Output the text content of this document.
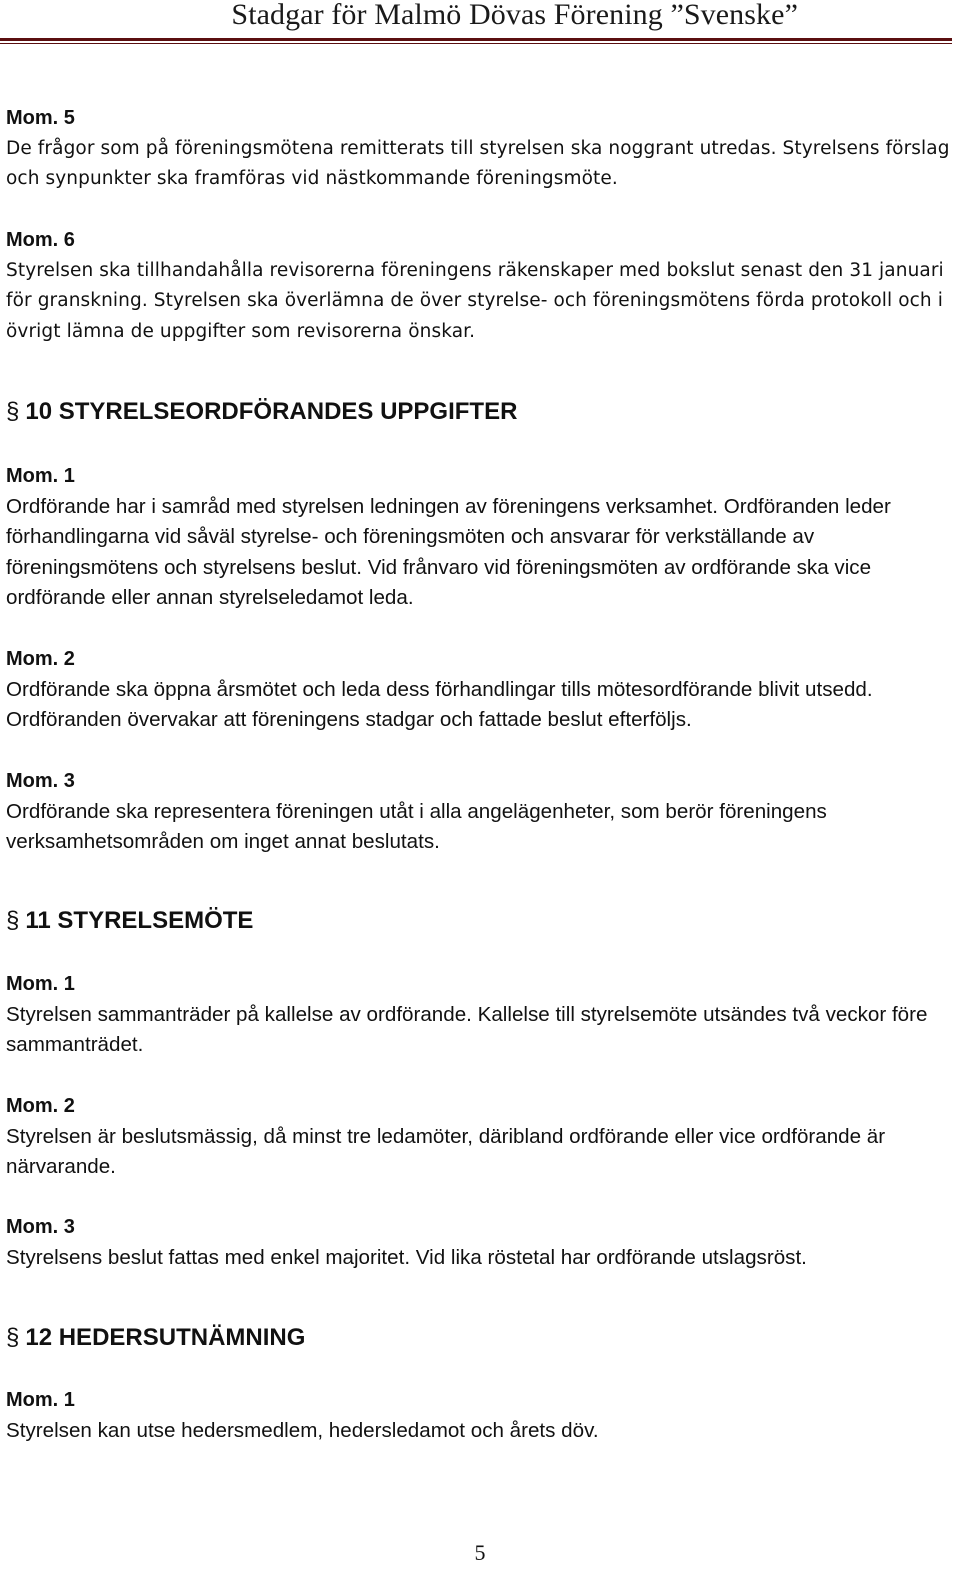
Stadgar för Malmö Dövas Förening ”Svenske”
Mom. 5
De frågor som på föreningsmötena remitterats till styrelsen ska noggrant utredas. Styrelsens förslag och synpunkter ska framföras vid nästkommande föreningsmöte.
Mom. 6
Styrelsen ska tillhandahålla revisorerna föreningens räkenskaper med bokslut senast den 31 januari för granskning. Styrelsen ska överlämna de över styrelse- och föreningsmötens förda protokoll och i övrigt lämna de uppgifter som revisorerna önskar.
§ 10 STYRELSEORDFÖRANDES UPPGIFTER
Mom. 1
Ordförande har i samråd med styrelsen ledningen av föreningens verksamhet. Ordföranden leder förhandlingarna vid såväl styrelse- och föreningsmöten och ansvarar för verkställande av föreningsmötens och styrelsens beslut. Vid frånvaro vid föreningsmöten av ordförande ska vice ordförande eller annan styrelseledamot leda.
Mom. 2
Ordförande ska öppna årsmötet och leda dess förhandlingar tills mötesordförande blivit utsedd. Ordföranden övervakar att föreningens stadgar och fattade beslut efterföljs.
Mom. 3
Ordförande ska representera föreningen utåt i alla angelägenheter, som berör föreningens verksamhetsområden om inget annat beslutats.
§ 11 STYRELSEMÖTE
Mom. 1
Styrelsen sammanträder på kallelse av ordförande. Kallelse till styrelsemöte utsändes två veckor före sammanträdet.
Mom. 2
Styrelsen är beslutsmässig, då minst tre ledamöter, däribland ordförande eller vice ordförande är närvarande.
Mom. 3
Styrelsens beslut fattas med enkel majoritet. Vid lika röstetal har ordförande utslagsröst.
§ 12 HEDERSUTNÄMNING
Mom. 1
Styrelsen kan utse hedersmedlem, hedersledamot och årets döv.
5
